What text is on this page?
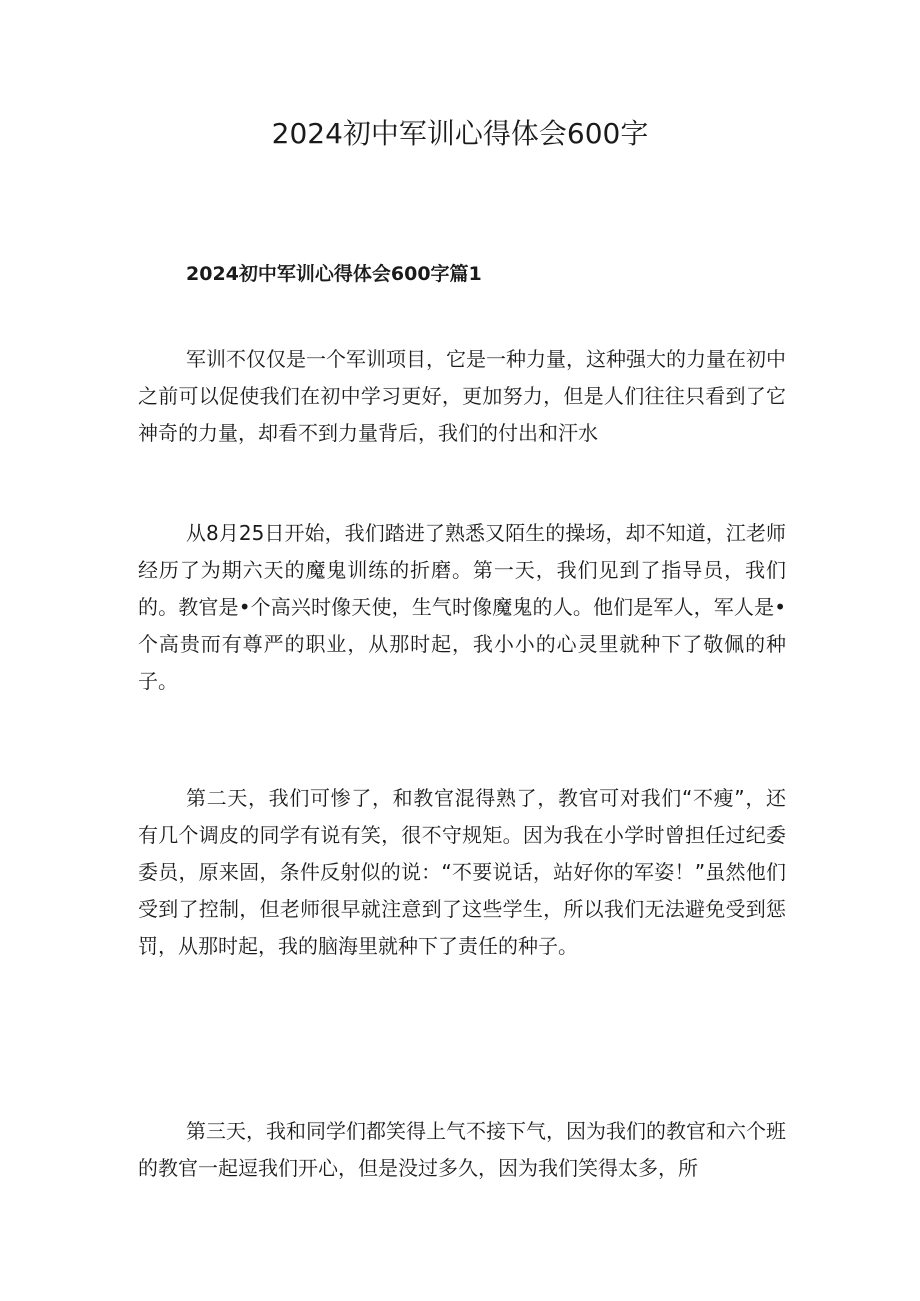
2024初中军训心得体会600字
2024初中军训心得体会600字篇1

军训不仅仅是一个军训项目，它是一种力量，这种强大的力量在初中之前可以促使我们在初中学习更好，更加努力，但是人们往往只看到了它神奇的力量，却看不到力量背后，我们的付出和汗水

从8月25日开始，我们踏进了熟悉又陌生的操场，却不知道，江老师经历了为期六天的魔鬼训练的折磨。第一天，我们见到了指导员，我们的。教官是•个高兴时像天使，生气时像魔鬼的人。他们是军人，军人是•个高贵而有尊严的职业，从那时起，我小小的心灵里就种下了敬佩的种子。

第二天，我们可惨了，和教官混得熟了，教官可对我们“不瘦”，还有几个调皮的同学有说有笑，很不守规矩。因为我在小学时曾担任过纪委委员，原来固，条件反射似的说：“不要说话，站好你的军姿！”虽然他们受到了控制，但老师很早就注意到了这些学生，所以我们无法避免受到惩罚，从那时起，我的脑海里就种下了责任的种子。

第三天，我和同学们都笑得上气不接下气，因为我们的教官和六个班的教官一起逗我们开心，但是没过多久，因为我们笑得太多，所
